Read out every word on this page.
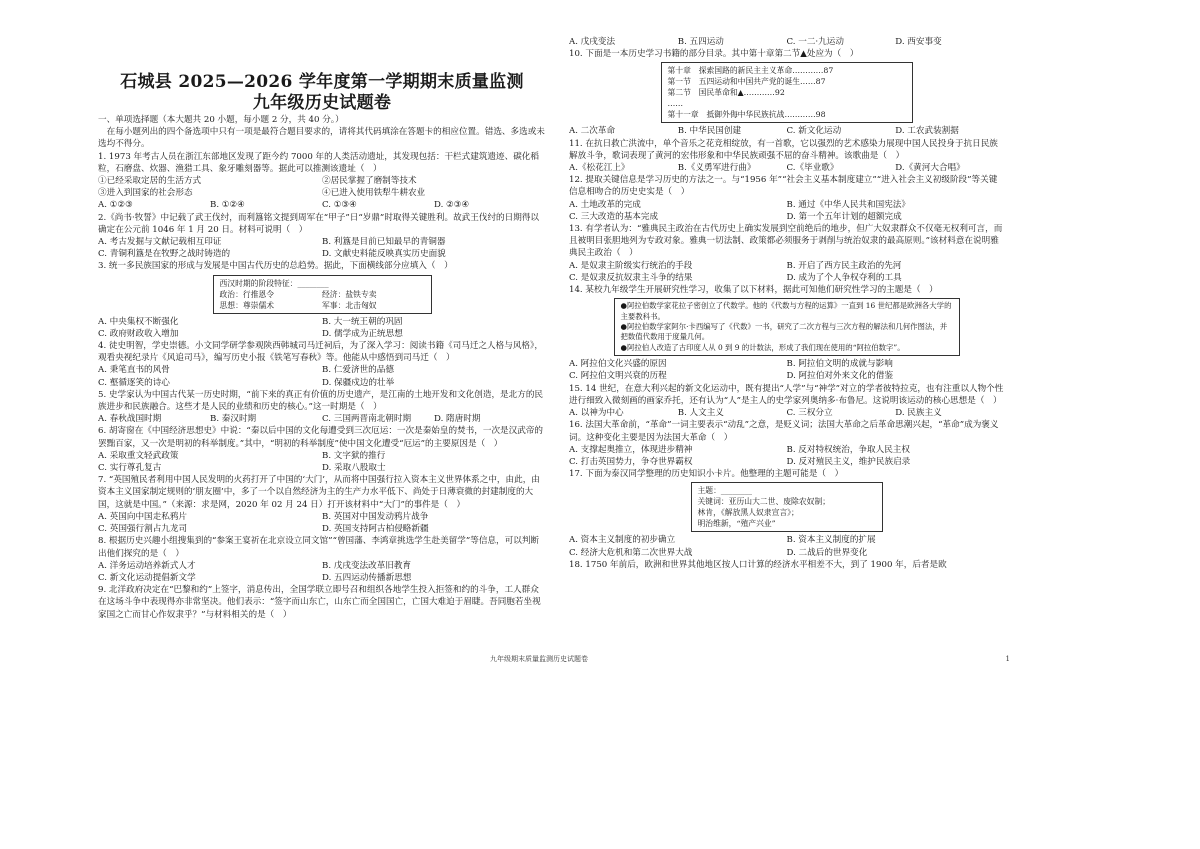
石城县 2025—2026 学年度第一学期期末质量监测

九年级历史试题卷

一、单项选择题（本大题共 20 小题，每小题 2 分，共 40 分。）

在每小题列出的四个备选项中只有一项是最符合题目要求的，请将其代码填涂在答题卡的相应位置。错选、多选或未选均不得分。

1. 1973 年考古人员在浙江东部地区发现了距今约 7000 年的人类活动遗址，其发现包括：干栏式建筑遗迹、碳化稻粒，石磨盘、炊器、渔猎工具、象牙雕刻器等。据此可以推测该遗址（　）

①已经采取定居的生活方式	②居民掌握了磨制等技术
③进入到国家的社会形态	④已进入使用铁犁牛耕农业
A. ①②③	B. ①②④	C. ①③④	D. ②③④

2.《尚书·牧誓》中记载了武王伐纣，而利簋铭文提到周军在“甲子”日“岁鼎”时取得关键胜利。故武王伐纣的日期得以确定在公元前 1046 年 1 月 20 日。材料可说明（　）

A. 考古发掘与文献记载相互印证	B. 利簋是目前已知最早的青铜器
C. 青铜利簋是在牧野之战时铸造的	D. 文献史料能反映真实历史面貌

3. 统一多民族国家的形成与发展是中国古代历史的总趋势。据此，下面横线部分应填入（　）

西汉时期的阶段特征：________
政治：行推恩令	经济：盐铁专卖
思想：尊崇儒术	军事：北击匈奴
A. 中央集权不断强化	B. 大一统王朝的巩固
C. 政府财政收入增加	D. 儒学成为正统思想

4. 徒史明智，学史崇德。小文同学研学参观陕西韩城司马迁祠后，为了深入学习：阅读书籍《司马迁之人格与风格》，观看央视纪录片《风追司马》，编写历史小报《铁笔写春秋》等。他能从中感悟到司马迁（　）

A. 秉笔直书的风骨	B. 仁爱济世的品德
C. 壑循逐笑的诗心	D. 保疆戍边的壮举

5. 史学家认为中国古代某一历史时期，“前下来的真正有价值的历史遗产，是江南的土地开发和文化创造，是北方的民族进步和民族融合。这些才是人民的业绩和历史的核心。”这一时期是（　）

A. 春秋战国时期	B. 秦汉时期	C. 三国两晋南北朝时期	D. 隋唐时期

6. 胡寄窗在《中国经济思想史》中说：“秦以后中国的文化每遭受到三次厄运：一次是秦始皇的焚书，一次是汉武帝的罢黜百家，又一次是明初的科举制度。”其中，“明初的科举制度”使中国文化遭受“厄运”的主要原因是（　）

A. 采取重文轻武政策	B. 文字狱的推行
C. 实行尊孔复古	D. 采取八股取士

7. “英国殖民者利用中国人民发明的火药打开了中国的‘大门’，从而将中国强行拉入资本主义世界体系之中，由此，由资本主义国家制定规则的‘朋友圈’中，多了一个以自然经济为主的生产力水平低下、尚处于日薄衰微的封建制度的大国，这就是中国。”（来源：求是网，2020 年 02 月 24 日）打开该材料中“大门”的事件是（　）

A. 英国向中国走私鸦片	B. 英国对中国发动鸦片战争
C. 英国强行割占九龙司	D. 英国支持阿古柏侵略新疆

8. 根据历史兴趣小组搜集到的“参案王宴祈在北京设立同文馆”“曾国藩、李鸿章挑选学生赴美留学”等信息，可以判断出他们探究的是（　）

A. 洋务运动培养新式人才	B. 戊戌变法改革旧教育
C. 新文化运动提倡新文学	D. 五四运动传播新思想

9. 北洋政府决定在“巴黎和约”上签字，消息传出，全国学联立即号召和组织各地学生投入拒签和约的斗争，工人群众在这场斗争中表现得亦非常坚决。他们表示：“签字而山东亡，山东亡而全国国亡，亡国大难迫于眉睫。吾同胞若坐视家国之亡而甘心作奴隶乎？”与材料相关的是（　）

A. 戊戌变法	B. 五四运动	C. 一二·九运动	D. 西安事变

10. 下面是一本历史学习书籍的部分目录。其中第十章第二节▲处应为（　）

第十章　探索国路的新民主主义革命…………87
第一节　五四运动和中国共产党的诞生……87
第二节　国民革命和▲…………92
……
第十一章　抵御外侮中华民族抗战…………98
A. 二次革命	B. 中华民国创建	C. 新文化运动	D. 工农武装割据

11. 在抗日救亡洪流中，单个音乐之花竞相绽放，有一首歌，它以强烈的艺术感染力展现中国人民投身于抗日民族解放斗争，歌词表现了黄河的宏伟形象和中华民族顽强不屈的奋斗精神。该歌曲是（　）

A.《松花江上》	B.《义勇军进行曲》	C.《毕业歌》	D.《黄河大合唱》

12. 提取关键信息是学习历史的方法之一。与“1956 年”“社会主义基本制度建立”“进入社会主义初级阶段”等关键信息相吻合的历史史实是（　）

A. 土地改革的完成	B. 通过《中华人民共和国宪法》
C. 三大改造的基本完成	D. 第一个五年计划的超额完成

13. 有学者认为：“雅典民主政治在古代历史上确实发展到空前绝后的地步，但广大奴隶群众不仅毫无权利可言，而且被明目张胆地列为专政对象。雅典一切法制、政策都必须服务于剥削与统治奴隶的最高原则。”该材料意在说明雅典民主政治（　）

A. 是奴隶主阶级实行统治的手段	B. 开启了西方民主政治的先河
C. 是奴隶反抗奴隶主斗争的结果	D. 成为了个人争权夺利的工具

14. 某校九年级学生开展研究性学习，收集了以下材料，据此可知他们研究性学习的主题是（　）

●阿拉伯数学家花拉子密创立了代数学。他的《代数与方程的运算》一直到 16 世纪都是欧洲各大学的主要教科书。
●阿拉伯数学家阿尔·卡西编写了《代数》一书，研究了二次方程与三次方程的解法和几何作图法，并把数值代数用于度量几何。
●阿拉伯人改造了古印度人从 0 到 9 的计数法，形成了我们现在使用的“阿拉伯数字”。
A. 阿拉伯文化兴盛的原因	B. 阿拉伯文明的成就与影响
C. 阿拉伯文明兴衰的历程	D. 阿拉伯对外来文化的借鉴

15. 14 世纪，在意大利兴起的新文化运动中，既有提出“人学”与“神学”对立的学者彼特拉克，也有注重以人物个性进行细致入微刻画的画家乔托，还有认为“人”是主人的史学家列奥纳多·布鲁尼。这说明该运动的核心思想是（　）

A. 以神为中心	B. 人文主义	C. 三权分立	D. 民族主义

16. 法国大革命前，“革命”一词主要表示“动乱”之意，是贬义词；法国大革命之后革命思潮兴起，“革命”成为褒义词。这种变化主要是因为法国大革命（　）

A. 支撑起奥推立，体现进步精神	B. 反对特权统治，争取人民主权
C. 打击英国势力，争夺世界霸权	D. 反对殖民主义，维护民族启录

17. 下面为泰汉同学整理的历史知识小卡片。他整理的主题可能是（　）

主题：________
关键词：亚历山大二世、废除农奴制；
林肯，《解放黑人奴隶宣言》；
明治维新，“殖产兴业”
A. 资本主义制度的初步确立	B. 资本主义制度的扩展
C. 经济大危机和第二次世界大战	D. 二战后的世界变化

18. 1750 年前后，欧洲和世界其他地区按人口计算的经济水平相差不大，到了 1900 年，后者是欧

九年级期末质量监测历史试题卷	1
